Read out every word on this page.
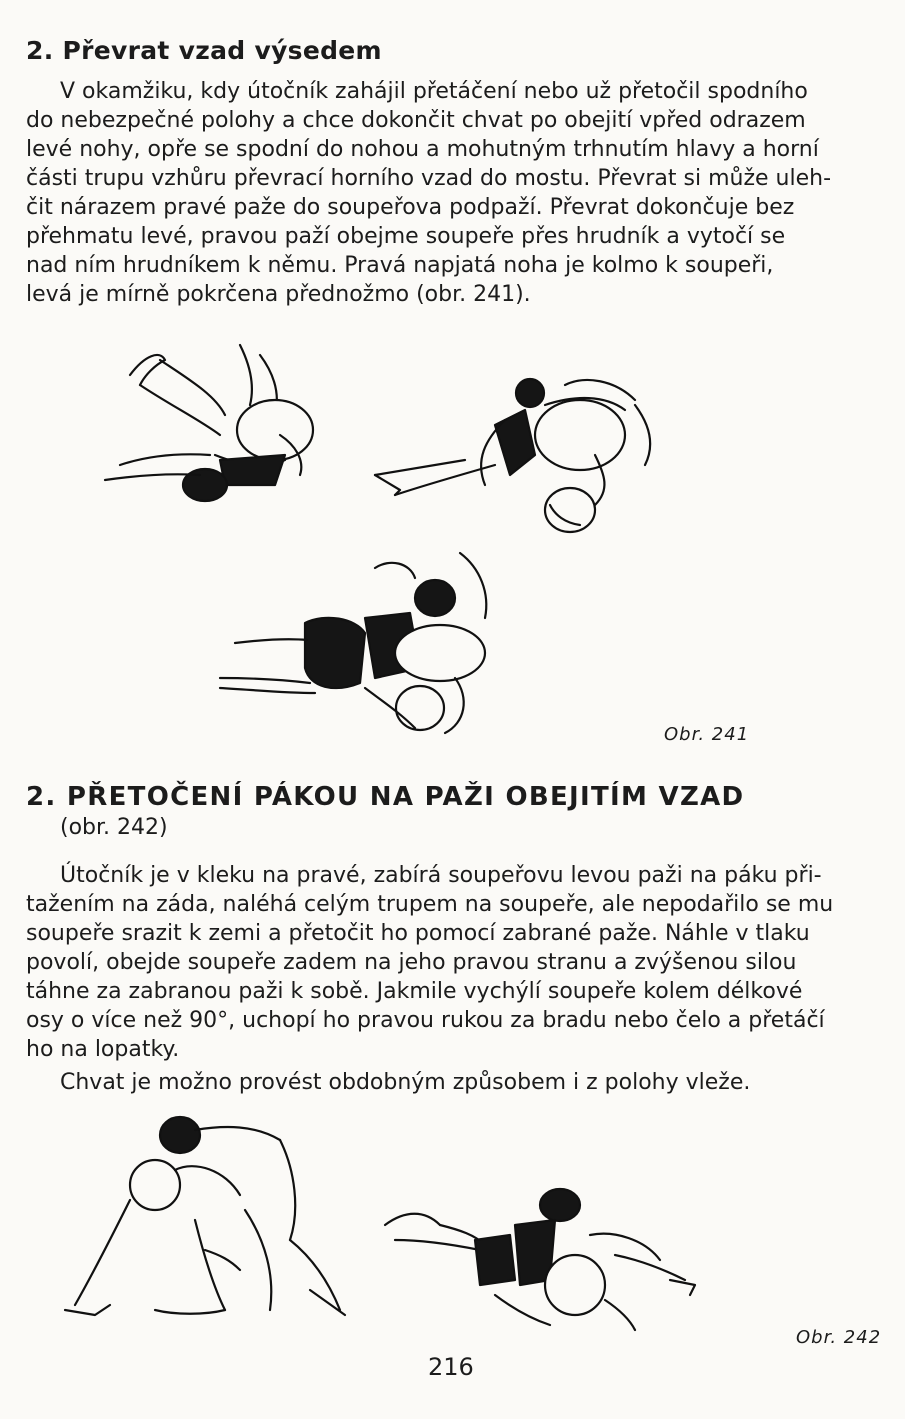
2. Převrat vzad výsedem
V okamžiku, kdy útočník zahájil přetáčení nebo už přetočil spodního
do nebezpečné polohy a chce dokončit chvat po obejití vpřed odrazem
levé nohy, opře se spodní do nohou a mohutným trhnutím hlavy a horní
části trupu vzhůru převrací horního vzad do mostu. Převrat si může uleh-
čit nárazem pravé paže do soupeřova podpaží. Převrat dokončuje bez
přehmatu levé, pravou paží obejme soupeře přes hrudník a vytočí se
nad ním hrudníkem k němu. Pravá napjatá noha je kolmo k soupeři,
levá je mírně pokrčena přednožmo (obr. 241).
Obr. 241
2. PŘETOČENÍ PÁKOU NA PAŽI OBEJITÍM VZAD
(obr. 242)
Útočník je v kleku na pravé, zabírá soupeřovu levou paži na páku při-
tažením na záda, naléhá celým trupem na soupeře, ale nepodařilo se mu
soupeře srazit k zemi a přetočit ho pomocí zabrané paže. Náhle v tlaku
povolí, obejde soupeře zadem na jeho pravou stranu a zvýšenou silou
táhne za zabranou paži k sobě. Jakmile vychýlí soupeře kolem délkové
osy o více než 90°, uchopí ho pravou rukou za bradu nebo čelo a přetáčí
ho na lopatky.
Chvat je možno provést obdobným způsobem i z polohy vleže.
Obr. 242
216
